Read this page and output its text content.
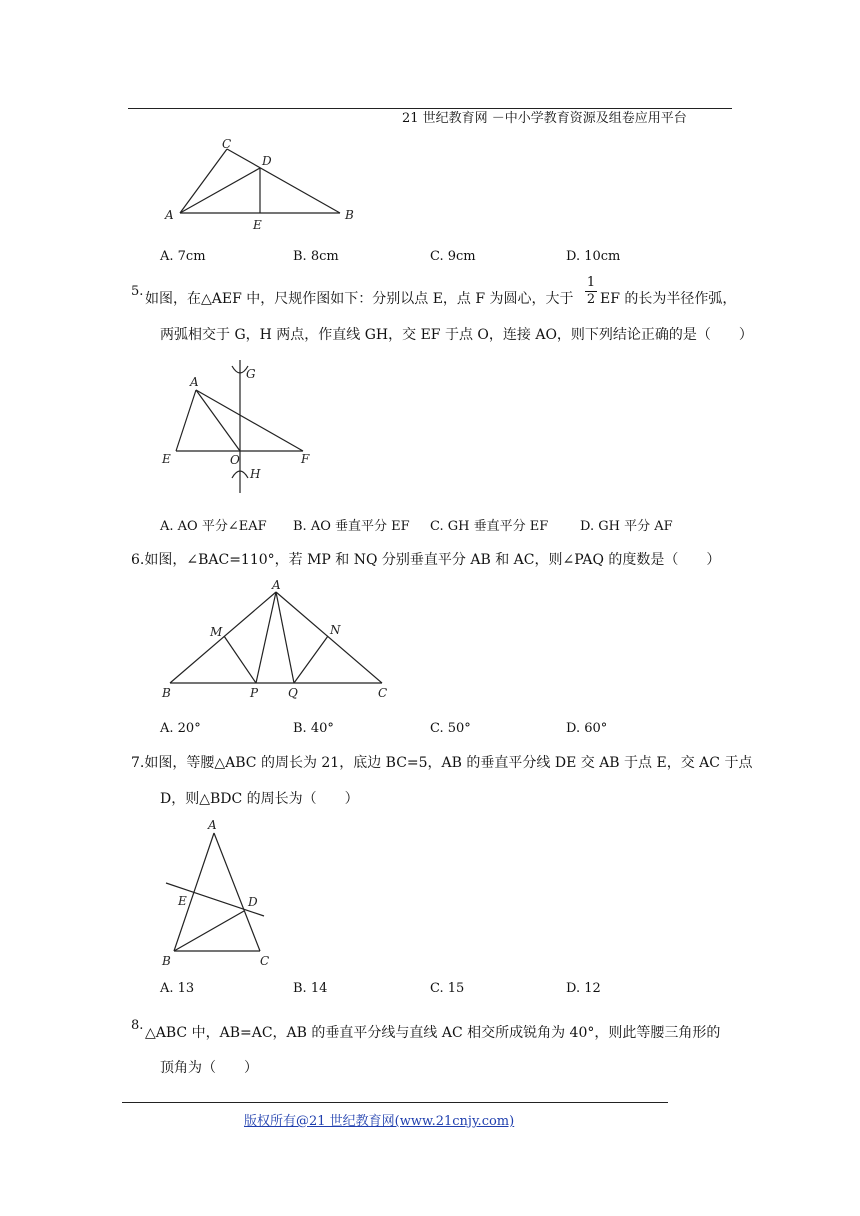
21 世纪教育网 －中小学教育资源及组卷应用平台
C
D
A
E
B
A. 7cm	B. 8cm	C. 9cm	D. 10cm
5. 如图，在△AEF 中，尺规作图如下：分别以点 E，点 F 为圆心，大于
1
2 EF 的长为半径作弧，
两弧相交于 G，H 两点，作直线 GH，交 EF 于点 O，连接 AO，则下列结论正确的是（　　）
A
G
E	O	F
H
A. AO 平分∠EAF B. AO 垂直平分 EF C. GH 垂直平分 EF D. GH 平分 AF
6.如图，∠BAC=110°，若 MP 和 NQ 分别垂直平分 AB 和 AC，则∠PAQ 的度数是（　　）
A
M	N
B	P Q	C
A. 20°	B. 40°	C. 50°	D. 60°
7.如图，等腰△ABC 的周长为 21，底边 BC=5，AB 的垂直平分线 DE 交 AB 于点 E，交 AC 于点
D，则△BDC 的周长为（　　）
A
E	D
B	C
A. 13	B. 14	C. 15	D. 12
8. △ABC 中，AB=AC，AB 的垂直平分线与直线 AC 相交所成锐角为 40°，则此等腰三角形的
顶角为（　　）
版权所有@21 世纪教育网(www.21cnjy.com)
